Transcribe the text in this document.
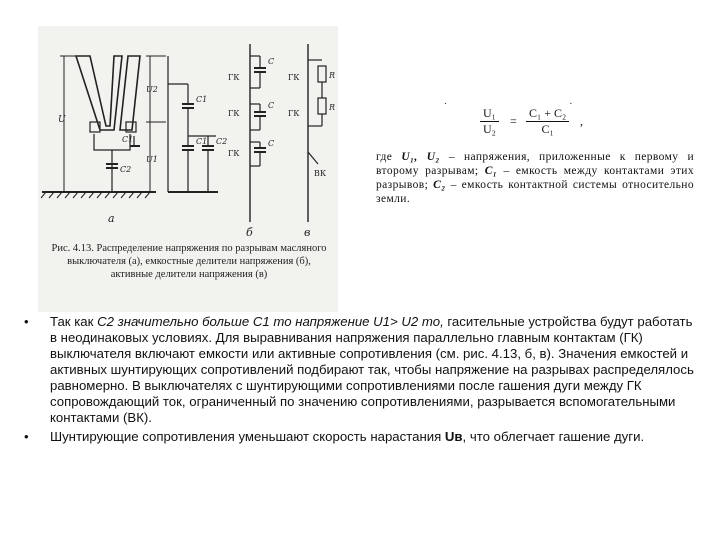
U
C1
C2
а
U2
U1
C1
C1 C2
ГК
ГК
ГК
C
C
C
б
ГК
ГК
ВК
R
R
в
Рис. 4.13. Распределение напряжения по разрывам масляного выключателя (а), емкостные делители напряжения (б), активные делители напряжения (в)
. .
$\frac{\text{U₁}}{\text{U₂}} = \frac{\text{C₁ + C₂}}{\text{C₁}}$ ,
где U₁, U₂ – напряжения, приложенные к первому и второму разрывам; C₁ – емкость между контактами этих разрывов; C₂ – емкость контактной системы относительно земли.
• Так как C2 значительно больше C1 то напряжение U1> U2 то, гасительные устройства будут работать в неодинаковых условиях. Для выравнивания напряжения параллельно главным контактам (ГК) выключателя включают емкости или активные сопротивления (см. рис. 4.13, б, в). Значения емкостей и активных шунтирующих сопротивлений подбирают так, чтобы напряжение на разрывах распределялось равномерно. В выключателях с шунтирующими сопротивлениями после гашения дуги между ГК сопровождающий ток, ограниченный по значению сопротивлениями, разрывается вспомогательными контактами (ВК).
• Шунтирующие сопротивления уменьшают скорость нарастания Uв, что облегчает гашение дуги.
